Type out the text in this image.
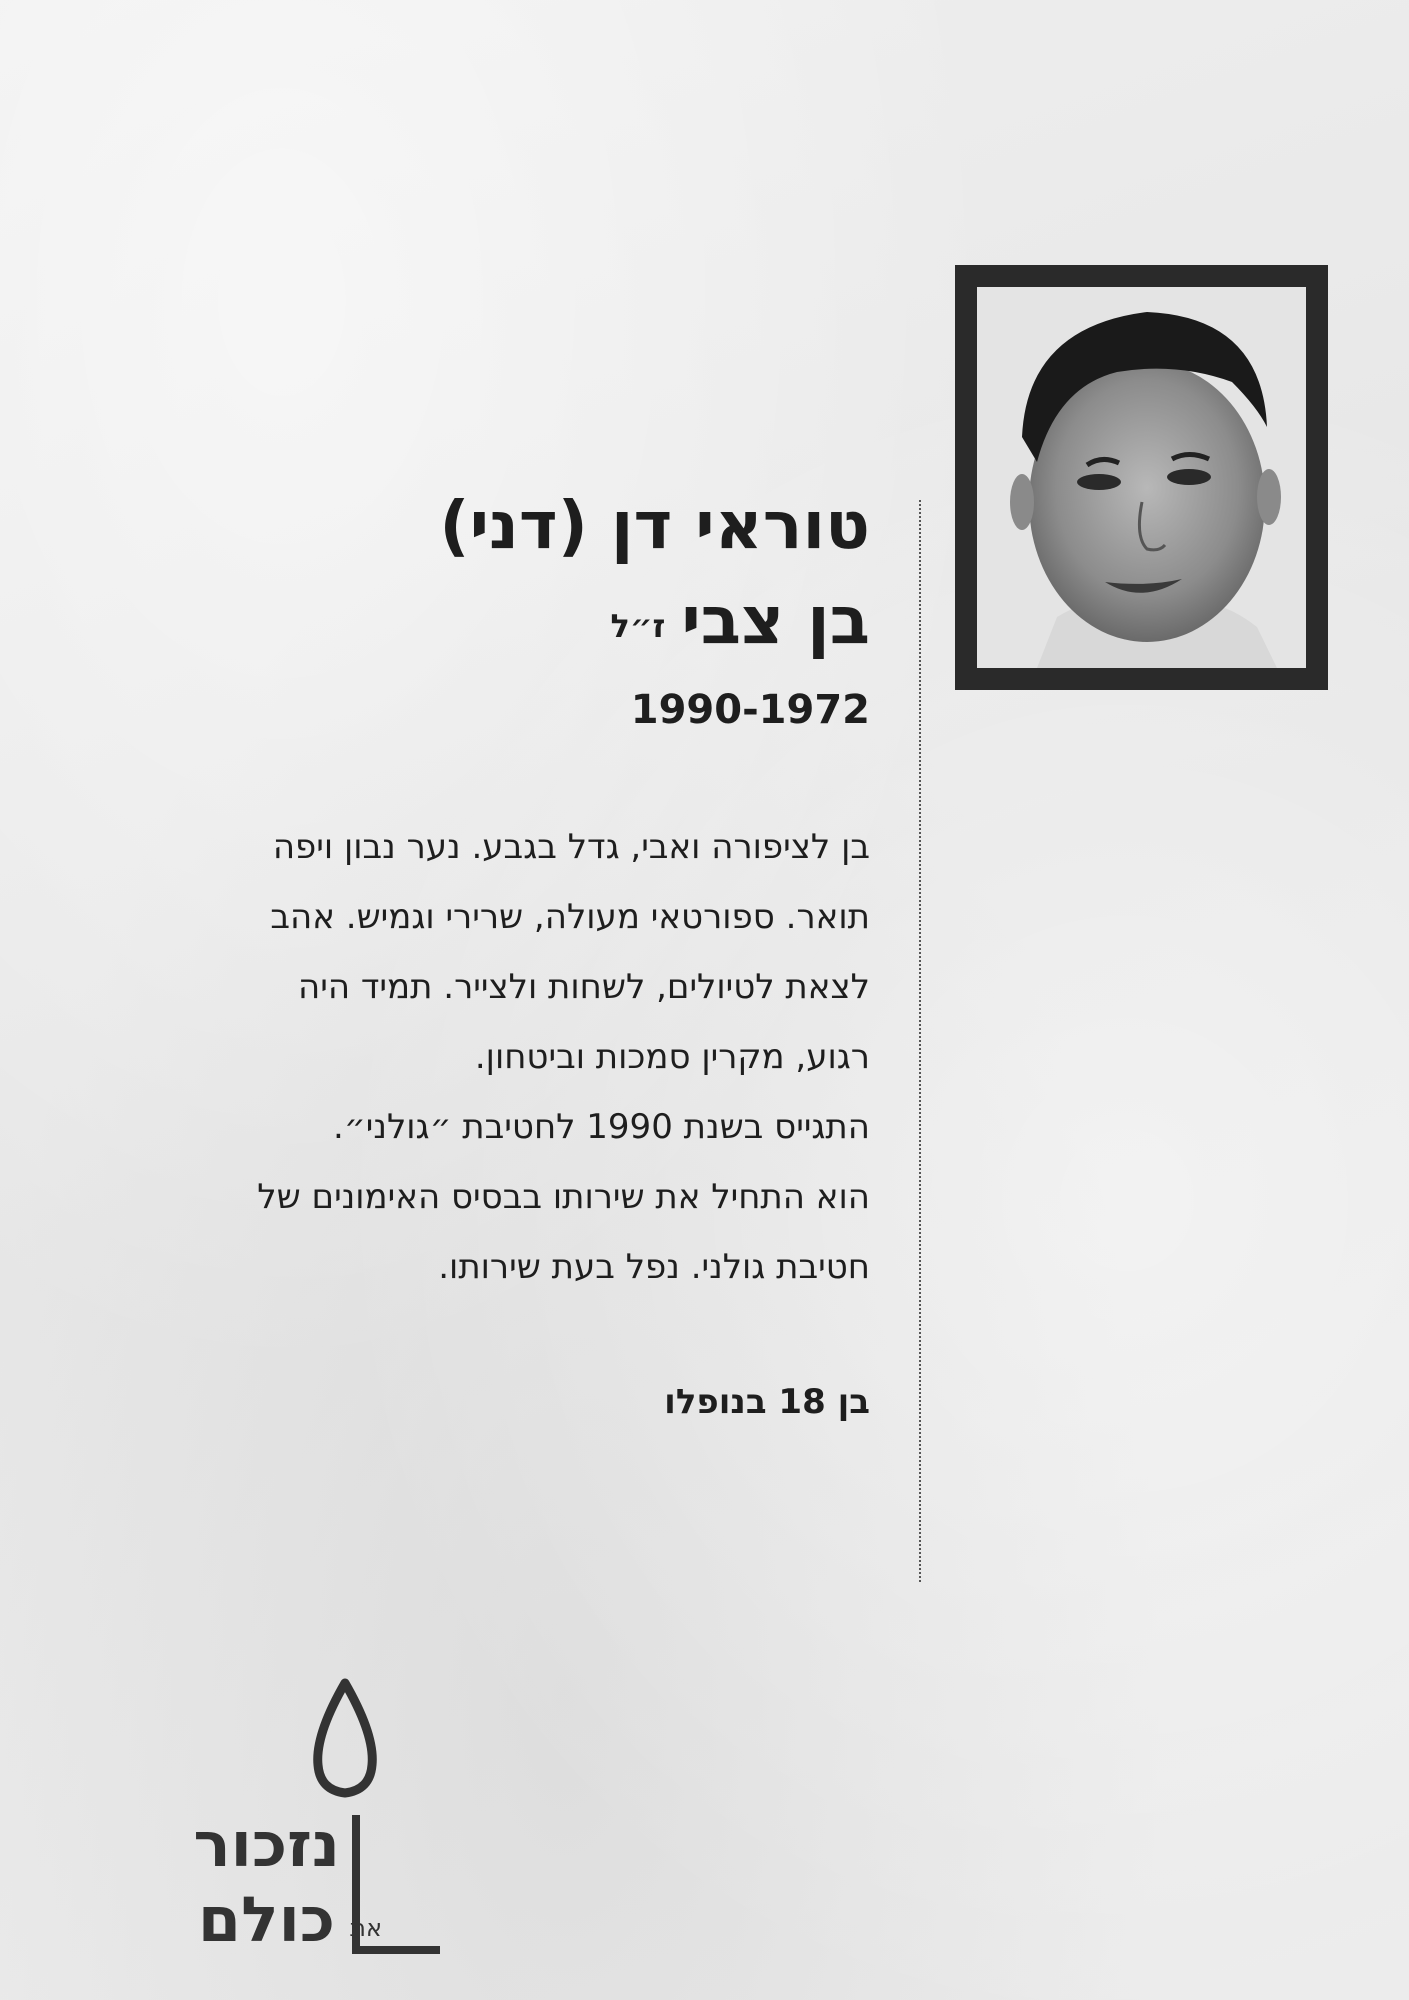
טוראי דן (דני)
בן צביז״ל
1990-1972
בן לציפורה ואבי, גדל בגבע. נער נבון ויפה
תואר. ספורטאי מעולה, שרירי וגמיש. אהב
לצאת לטיולים, לשחות ולצייר. תמיד היה
רגוע, מקרין סמכות וביטחון.
התגייס בשנת 1990 לחטיבת ״גולני״.
הוא התחיל את שירותו בבסיס האימונים של
חטיבת גולני. נפל בעת שירותו.
בן 18 בנופלו
נזכור
כולם את
